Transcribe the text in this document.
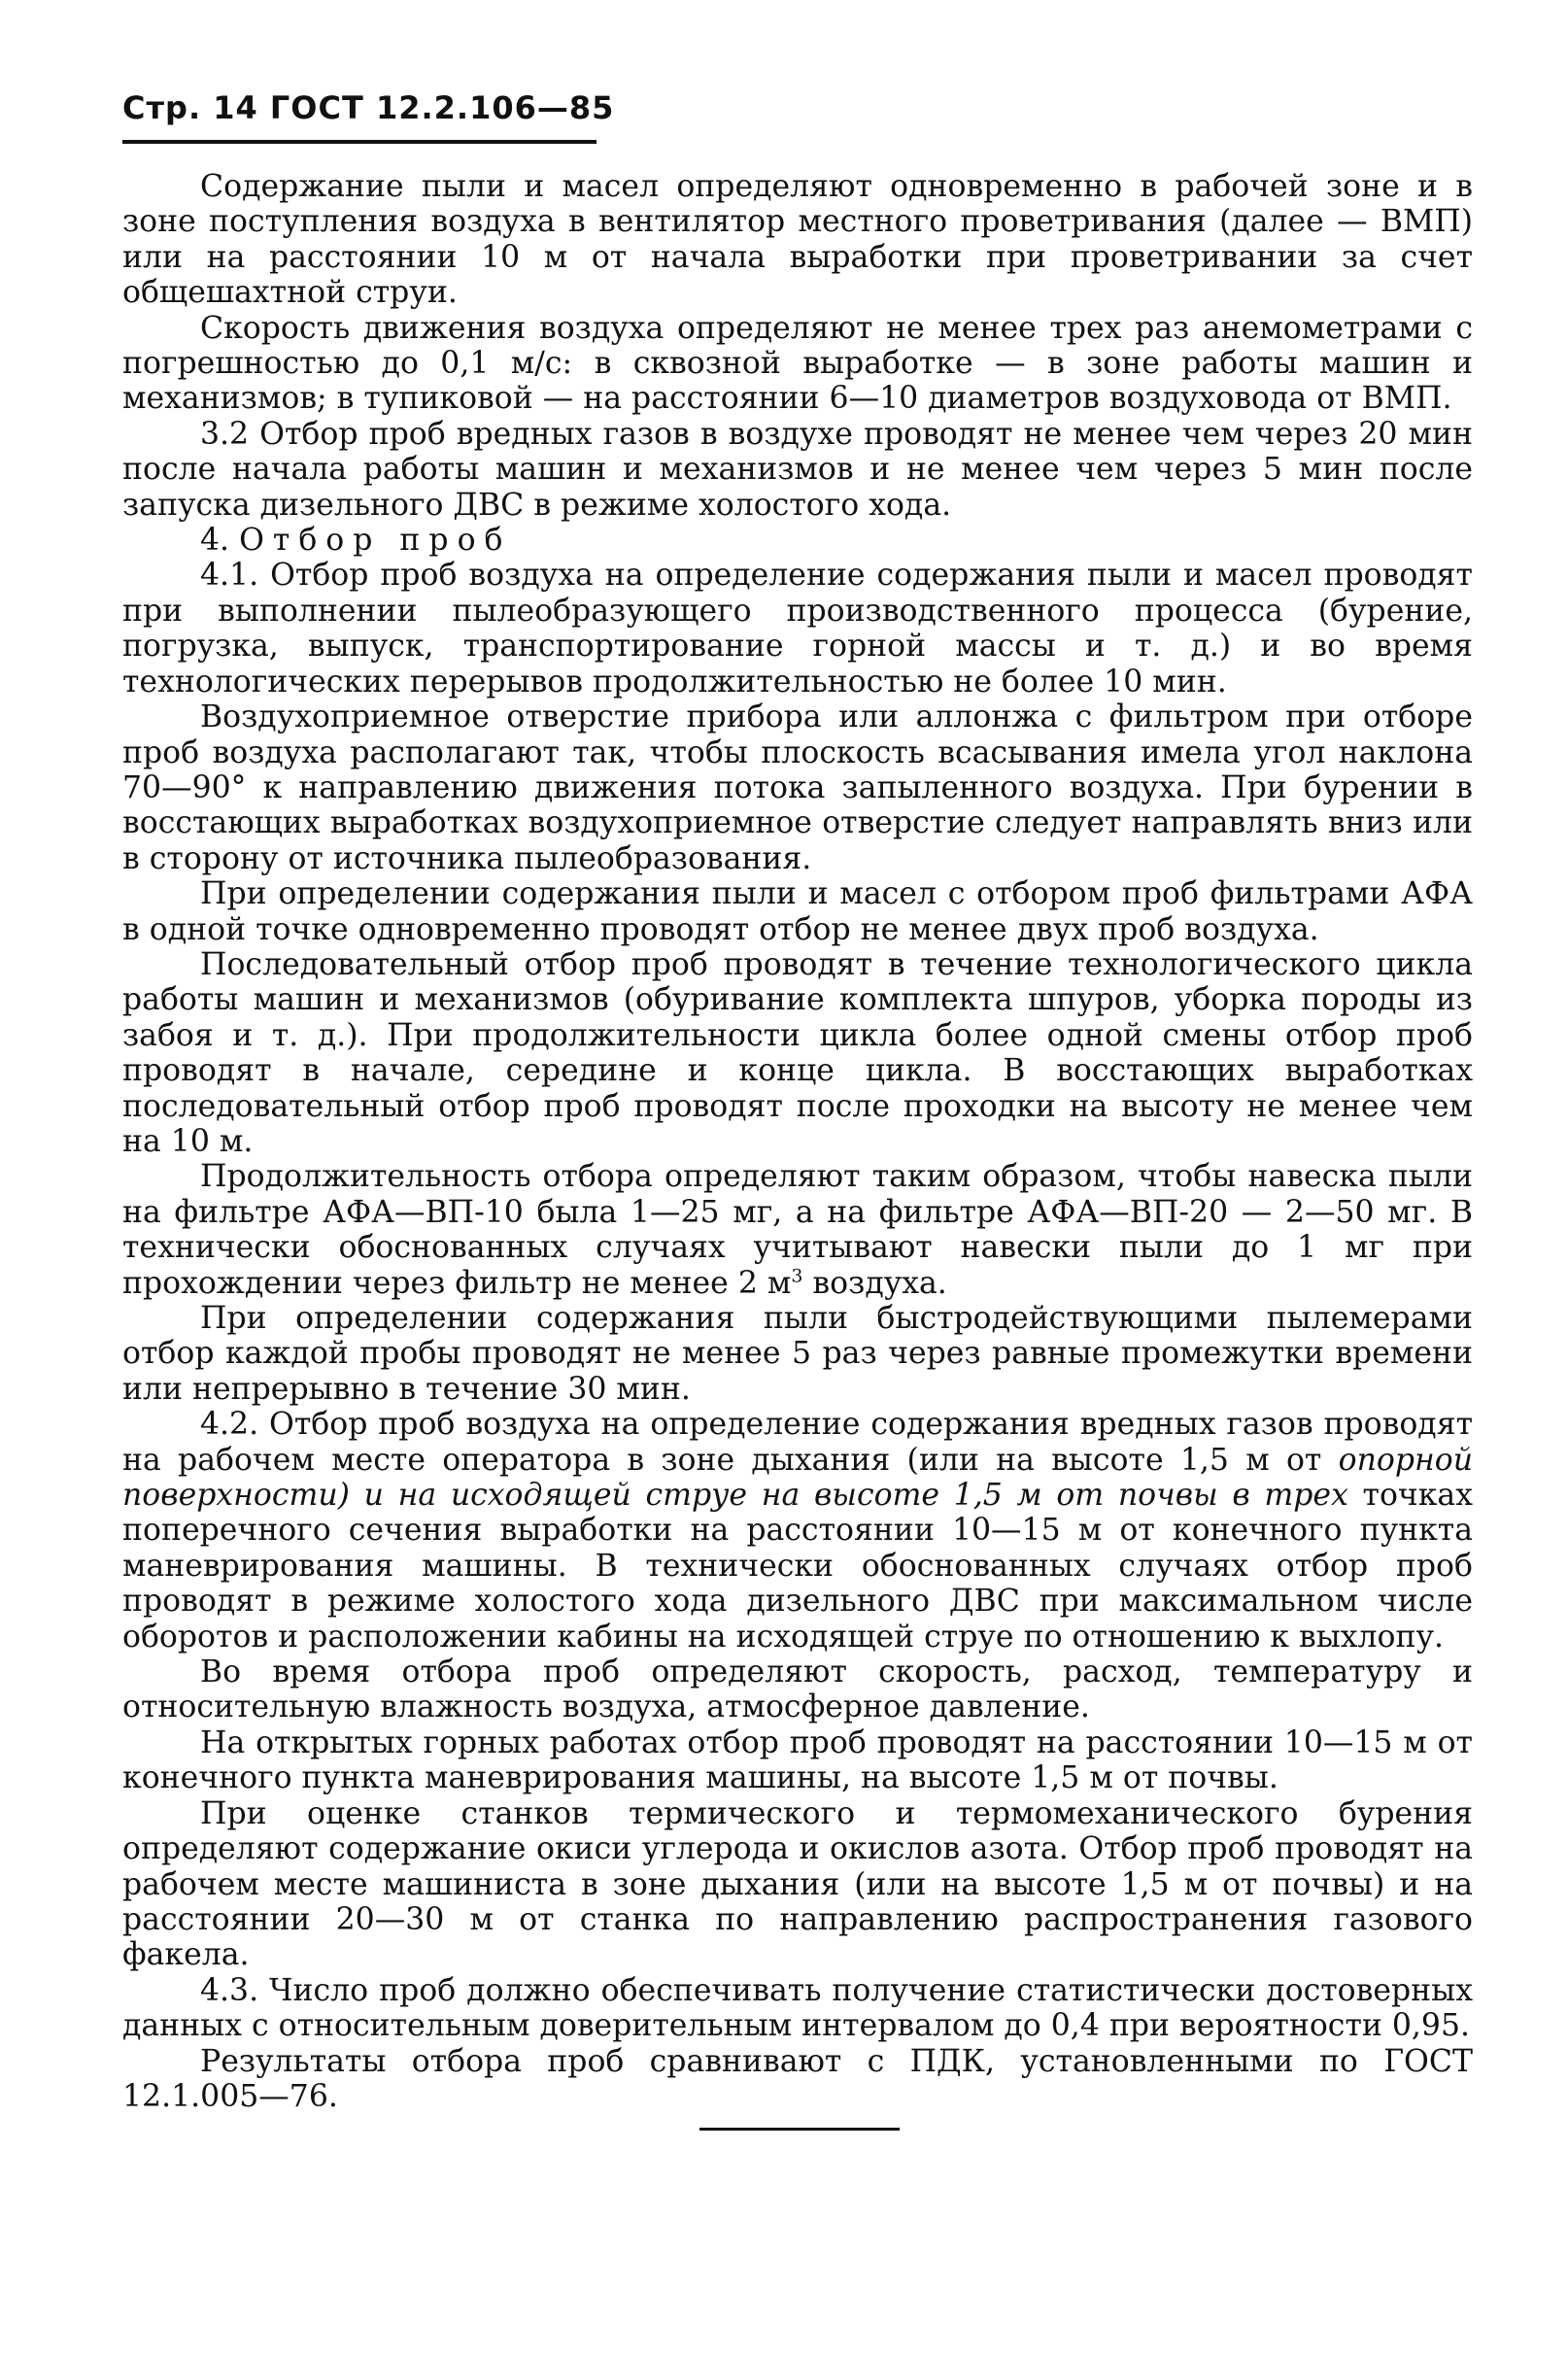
Стр. 14 ГОСТ 12.2.106—85

Содержание пыли и масел определяют одновременно в рабочей зоне и в зоне поступления воздуха в вентилятор местного проветривания (далее — ВМП) или на расстоянии 10 м от начала выработки при проветривании за счет общешахтной струи.

Скорость движения воздуха определяют не менее трех раз анемометрами с погрешностью до 0,1 м/с: в сквозной выработке — в зоне работы машин и механизмов; в тупиковой — на расстоянии 6—10 диаметров воздуховода от ВМП.

3.2 Отбор проб вредных газов в воздухе проводят не менее чем через 20 мин после начала работы машин и механизмов и не менее чем через 5 мин после запуска дизельного ДВС в режиме холостого хода.

4. Отбор проб

4.1. Отбор проб воздуха на определение содержания пыли и масел проводят при выполнении пылеобразующего производственного процесса (бурение, погрузка, выпуск, транспортирование горной массы и т. д.) и во время технологических перерывов продолжительностью не более 10 мин.

Воздухоприемное отверстие прибора или аллонжа с фильтром при отборе проб воздуха располагают так, чтобы плоскость всасывания имела угол наклона 70—90° к направлению движения потока запыленного воздуха. При бурении в восстающих выработках воздухоприемное отверстие следует направлять вниз или в сторону от источника пылеобразования.

При определении содержания пыли и масел с отбором проб фильтрами АФА в одной точке одновременно проводят отбор не менее двух проб воздуха.

Последовательный отбор проб проводят в течение технологического цикла работы машин и механизмов (обуривание комплекта шпуров, уборка породы из забоя и т. д.). При продолжительности цикла более одной смены отбор проб проводят в начале, середине и конце цикла. В восстающих выработках последовательный отбор проб проводят после проходки на высоту не менее чем на 10 м.

Продолжительность отбора определяют таким образом, чтобы навеска пыли на фильтре АФА—ВП-10 была 1—25 мг, а на фильтре АФА—ВП-20 — 2—50 мг. В технически обоснованных случаях учитывают навески пыли до 1 мг при прохождении через фильтр не менее 2 $м^3$ воздуха.

При определении содержания пыли быстродействующими пылемерами отбор каждой пробы проводят не менее 5 раз через равные промежутки времени или непрерывно в течение 30 мин.

4.2. Отбор проб воздуха на определение содержания вредных газов проводят на рабочем месте оператора в зоне дыхания (или на высоте 1,5 м от опорной поверхности) и на исходящей струе на высоте 1,5 м от почвы в трех точках поперечного сечения выработки на расстоянии 10—15 м от конечного пункта маневрирования машины. В технически обоснованных случаях отбор проб проводят в режиме холостого хода дизельного ДВС при максимальном числе оборотов и расположении кабины на исходящей струе по отношению к выхлопу.

Во время отбора проб определяют скорость, расход, температуру и относительную влажность воздуха, атмосферное давление.

На открытых горных работах отбор проб проводят на расстоянии 10—15 м от конечного пункта маневрирования машины, на высоте 1,5 м от почвы.

При оценке станков термического и термомеханического бурения определяют содержание окиси углерода и окислов азота. Отбор проб проводят на рабочем месте машиниста в зоне дыхания (или на высоте 1,5 м от почвы) и на расстоянии 20—30 м от станка по направлению распространения газового факела.

4.3. Число проб должно обеспечивать получение статистически достоверных данных с относительным доверительным интервалом до 0,4 при вероятности 0,95.

Результаты отбора проб сравнивают с ПДК, установленными по ГОСТ 12.1.005—76.
